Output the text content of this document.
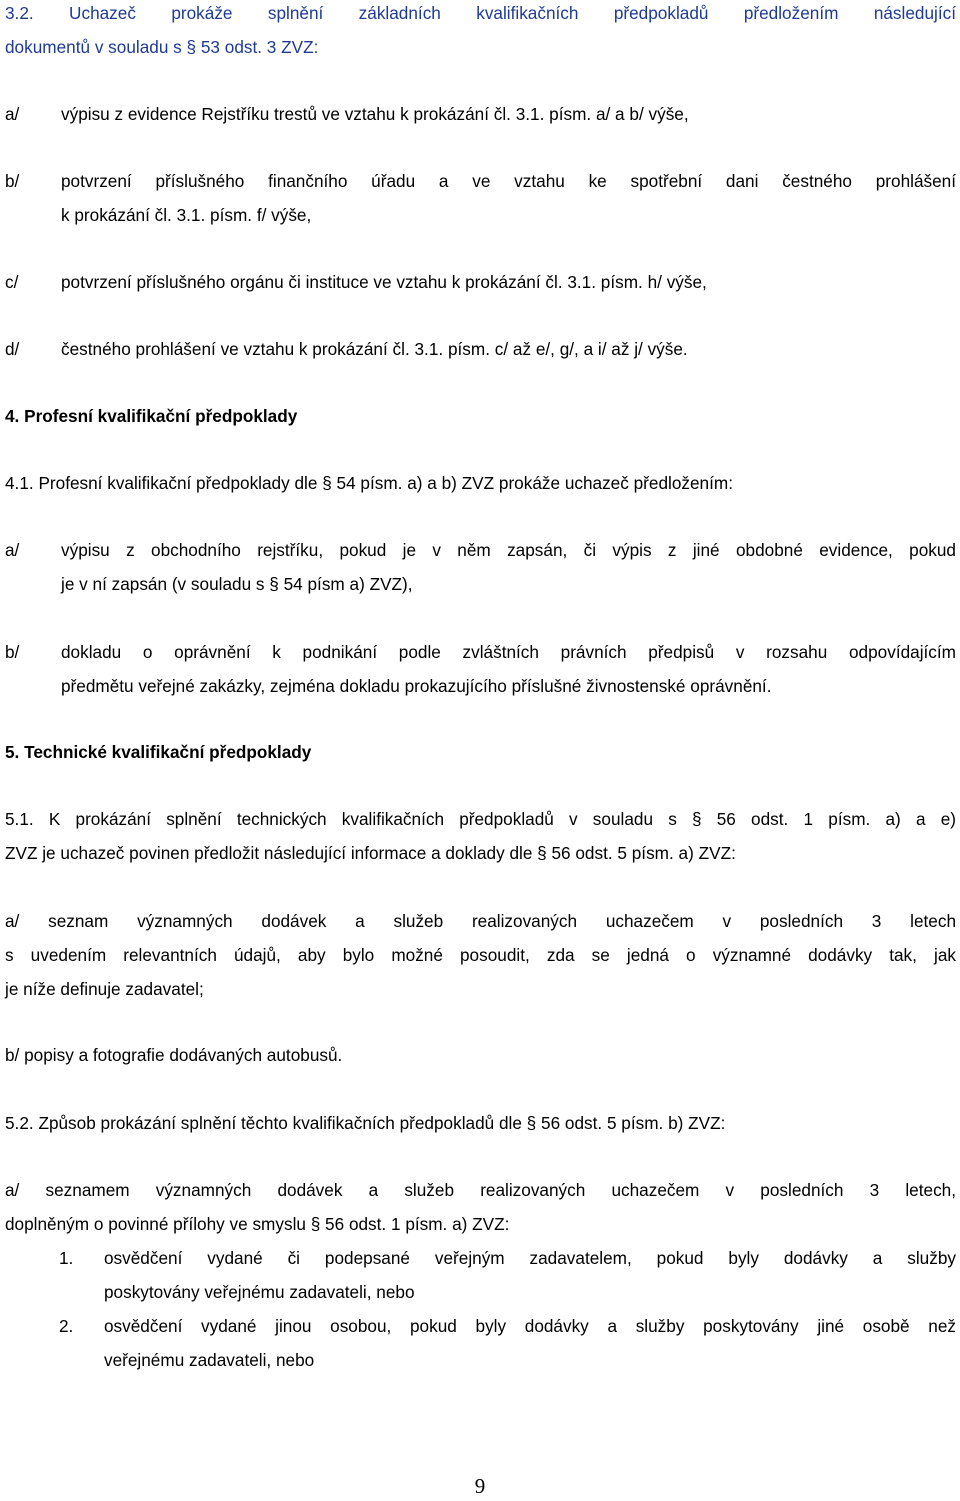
3.2. Uchazeč prokáže splnění základních kvalifikačních předpokladů předložením následující
dokumentů v souladu s § 53 odst. 3 ZVZ:
a/ výpisu z evidence Rejstříku trestů ve vztahu k prokázání čl. 3.1. písm. a/ a b/ výše,
b/ potvrzení příslušného finančního úřadu a ve vztahu ke spotřební dani čestného prohlášení
k prokázání čl. 3.1. písm. f/ výše,
c/ potvrzení příslušného orgánu či instituce ve vztahu k prokázání čl. 3.1. písm. h/ výše,
d/ čestného prohlášení ve vztahu k prokázání čl. 3.1. písm. c/ až e/, g/, a i/ až j/ výše.
4. Profesní kvalifikační předpoklady
4.1. Profesní kvalifikační předpoklady dle § 54 písm. a) a b) ZVZ prokáže uchazeč předložením:
a/ výpisu z obchodního rejstříku, pokud je v něm zapsán, či výpis z jiné obdobné evidence, pokud
je v ní zapsán (v souladu s § 54 písm a) ZVZ),
b/ dokladu o oprávnění k podnikání podle zvláštních právních předpisů v rozsahu odpovídajícím
předmětu veřejné zakázky, zejména dokladu prokazujícího příslušné živnostenské oprávnění.
5. Technické kvalifikační předpoklady
5.1. K prokázání splnění technických kvalifikačních předpokladů v souladu s § 56 odst. 1 písm. a) a e)
ZVZ je uchazeč povinen předložit následující informace a doklady dle § 56 odst. 5 písm. a) ZVZ:
a/ seznam významných dodávek a služeb realizovaných uchazečem v posledních 3 letech
s uvedením relevantních údajů, aby bylo možné posoudit, zda se jedná o významné dodávky tak, jak
je níže definuje zadavatel;
b/ popisy a fotografie dodávaných autobusů.
5.2. Způsob prokázání splnění těchto kvalifikačních předpokladů dle § 56 odst. 5 písm. b) ZVZ:
a/ seznamem významných dodávek a služeb realizovaných uchazečem v posledních 3 letech,
doplněným o povinné přílohy ve smyslu § 56 odst. 1 písm. a) ZVZ:
1. osvědčení vydané či podepsané veřejným zadavatelem, pokud byly dodávky a služby
poskytovány veřejnému zadavateli, nebo
2. osvědčení vydané jinou osobou, pokud byly dodávky a služby poskytovány jiné osobě než
veřejnému zadavateli, nebo
9
